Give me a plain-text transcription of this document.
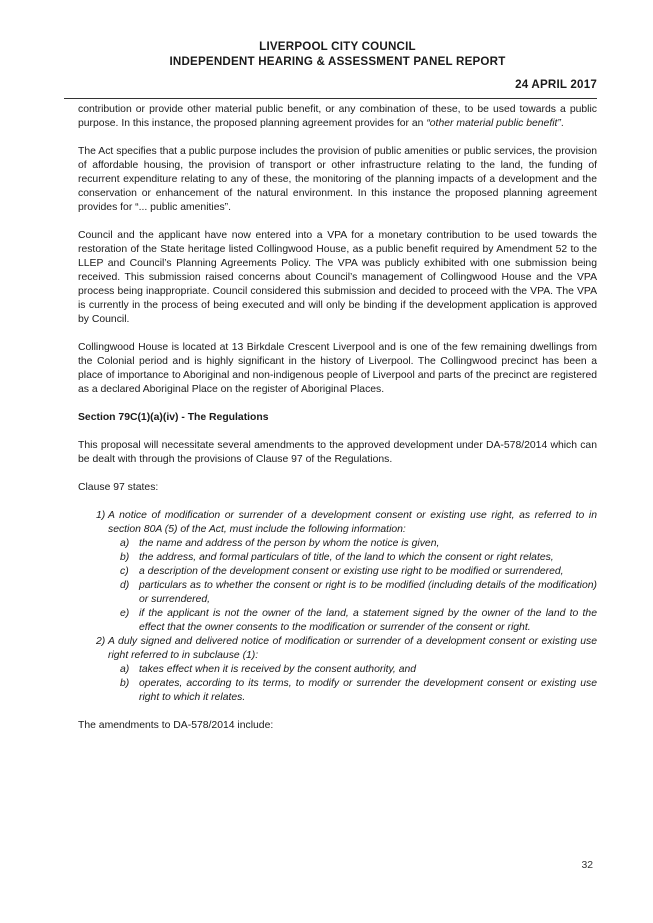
LIVERPOOL CITY COUNCIL
INDEPENDENT HEARING & ASSESSMENT PANEL REPORT
24 APRIL 2017

contribution or provide other material public benefit, or any combination of these, to be used towards a public purpose. In this instance, the proposed planning agreement provides for an “other material public benefit”.

The Act specifies that a public purpose includes the provision of public amenities or public services, the provision of affordable housing, the provision of transport or other infrastructure relating to the land, the funding of recurrent expenditure relating to any of these, the monitoring of the planning impacts of a development and the conservation or enhancement of the natural environment. In this instance the proposed planning agreement provides for “... public amenities”.

Council and the applicant have now entered into a VPA for a monetary contribution to be used towards the restoration of the State heritage listed Collingwood House, as a public benefit required by Amendment 52 to the LLEP and Council’s Planning Agreements Policy. The VPA was publicly exhibited with one submission being received. This submission raised concerns about Council’s management of Collingwood House and the VPA process being inappropriate. Council considered this submission and decided to proceed with the VPA. The VPA is currently in the process of being executed and will only be binding if the development application is approved by Council.

Collingwood House is located at 13 Birkdale Crescent Liverpool and is one of the few remaining dwellings from the Colonial period and is highly significant in the history of Liverpool. The Collingwood precinct has been a place of importance to Aboriginal and non-indigenous people of Liverpool and parts of the precinct are registered as a declared Aboriginal Place on the register of Aboriginal Places.

Section 79C(1)(a)(iv) - The Regulations

This proposal will necessitate several amendments to the approved development under DA-578/2014 which can be dealt with through the provisions of Clause 97 of the Regulations.

Clause 97 states:

1) A notice of modification or surrender of a development consent or existing use right, as referred to in section 80A (5) of the Act, must include the following information:
a) the name and address of the person by whom the notice is given,
b) the address, and formal particulars of title, of the land to which the consent or right relates,
c) a description of the development consent or existing use right to be modified or surrendered,
d) particulars as to whether the consent or right is to be modified (including details of the modification) or surrendered,
e) if the applicant is not the owner of the land, a statement signed by the owner of the land to the effect that the owner consents to the modification or surrender of the consent or right.
2) A duly signed and delivered notice of modification or surrender of a development consent or existing use right referred to in subclause (1):
a) takes effect when it is received by the consent authority, and
b) operates, according to its terms, to modify or surrender the development consent or existing use right to which it relates.

The amendments to DA-578/2014 include:

32
